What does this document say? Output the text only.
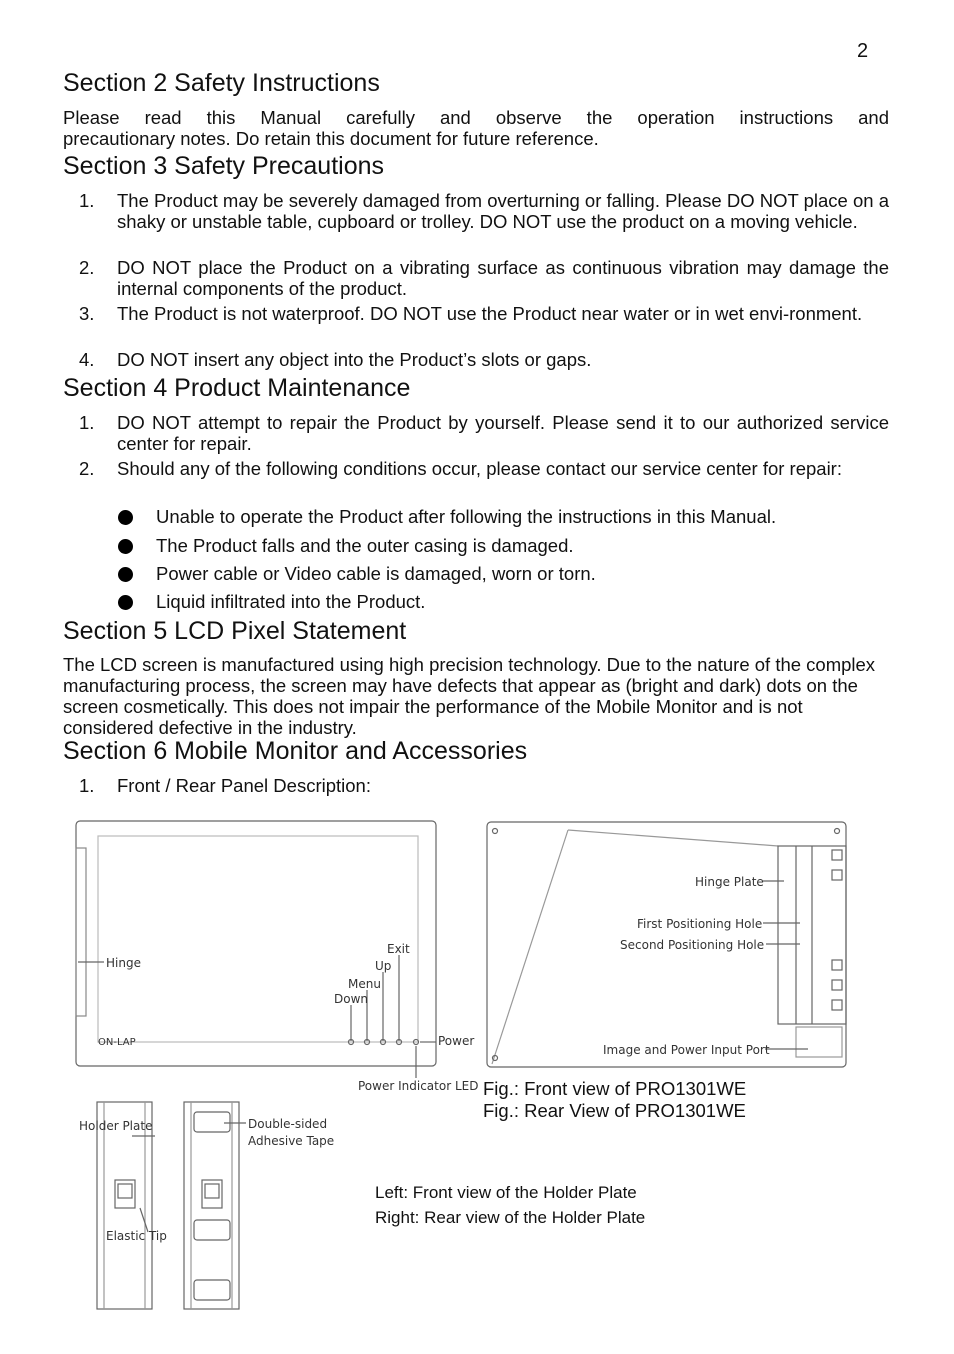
2
Section 2 Safety Instructions
Please read this Manual carefully and observe the operation instructions and
precautionary notes. Do retain this document for future reference.
Section 3 Safety Precautions
1. The Product may be severely damaged from overturning or falling. Please DO NOT place on a shaky or unstable table, cupboard or trolley. DO NOT use the product on a moving vehicle.
2. DO NOT place the Product on a vibrating surface as continuous vibration may damage the internal components of the product.
3. The Product is not waterproof. DO NOT use the Product near water or in wet envi-ronment.
4. DO NOT insert any object into the Product’s slots or gaps.
Section 4 Product Maintenance
1. DO NOT attempt to repair the Product by yourself. Please send it to our authorized service center for repair.
2. Should any of the following conditions occur, please contact our service center for repair:
Unable to operate the Product after following the instructions in this Manual.
The Product falls and the outer casing is damaged.
Power cable or Video cable is damaged, worn or torn.
Liquid infiltrated into the Product.
Section 5 LCD Pixel Statement
The LCD screen is manufactured using high precision technology. Due to the nature of the complex manufacturing process, the screen may have defects that appear as (bright and dark) dots on the screen cosmetically. This does not impair the performance of the Mobile Monitor and is not considered defective in the industry.
Section 6 Mobile Monitor and Accessories
1. Front / Rear Panel Description:
ON-LAP
Hinge
Exit
Up
Menu
Down
Power
Power Indicator LED
Hinge Plate
First Positioning Hole
Second Positioning Hole
Image and Power Input Port
Holder Plate
Elastic Tip
Double-sided
Adhesive Tape
Fig.: Front view of PRO1301WE
Fig.: Rear View of PRO1301WE
Left: Front view of the Holder Plate
Right: Rear view of the Holder Plate
